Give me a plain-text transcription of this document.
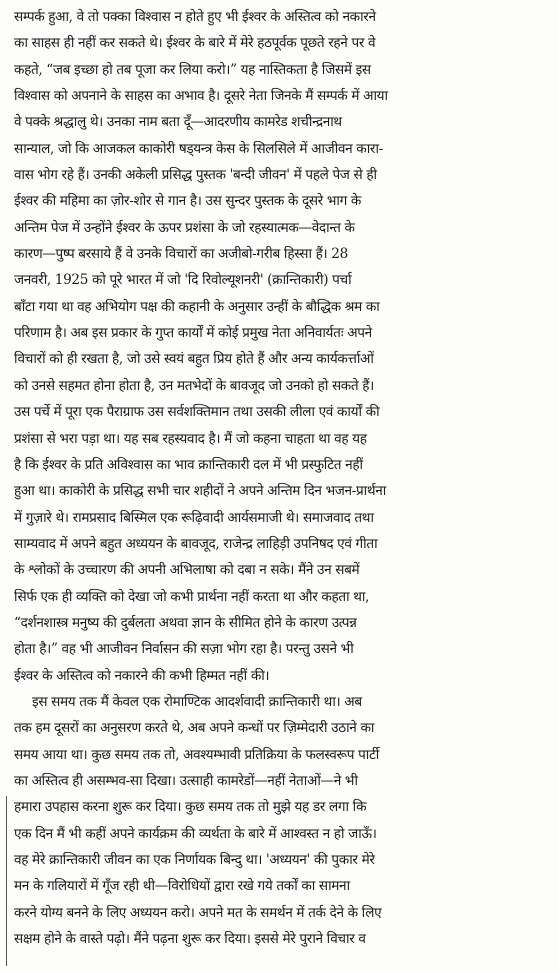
सम्पर्क हुआ, वे तो पक्का विश्वास न होते हुए भी ईश्वर के अस्तित्व को नकारने
का साहस ही नहीं कर सकते थे। ईश्वर के बारे में मेरे हठपूर्वक पूछते रहने पर वे
कहते, “जब इच्छा हो तब पूजा कर लिया करो।” यह नास्तिकता है जिसमें इस
विश्वास को अपनाने के साहस का अभाव है। दूसरे नेता जिनके मैं सम्पर्क में आया
वे पक्के श्रद्धालु थे। उनका नाम बता दूँ—आदरणीय कामरेड शचीन्द्रनाथ
सान्याल, जो कि आजकल काकोरी षड्‌यन्त्र केस के सिलसिले में आजीवन कारा-
वास भोग रहे हैं। उनकी अकेली प्रसिद्ध पुस्तक 'बन्दी जीवन' में पहले पेज से ही
ईश्वर की महिमा का ज़ोर-शोर से गान है। उस सुन्दर पुस्तक के दूसरे भाग के
अन्तिम पेज में उन्होंने ईश्वर के ऊपर प्रशंसा के जो रहस्यात्मक—वेदान्त के
कारण—पुष्प बरसाये हैं वे उनके विचारों का अजीबो-गरीब हिस्सा हैं। 28
जनवरी, 1925 को पूरे भारत में जो 'दि रिवोल्यूशनरी' (क्रान्तिकारी) पर्चा
बाँटा गया था वह अभियोग पक्ष की कहानी के अनुसार उन्हीं के बौद्धिक श्रम का
परिणाम है। अब इस प्रकार के गुप्त कार्यों में कोई प्रमुख नेता अनिवार्यतः अपने
विचारों को ही रखता है, जो उसे स्वयं बहुत प्रिय होते हैं और अन्य कार्यकर्त्ताओं
को उनसे सहमत होना होता है, उन मतभेदों के बावजूद जो उनको हो सकते हैं।
उस पर्चे में पूरा एक पैराग्राफ उस सर्वशक्तिमान तथा उसकी लीला एवं कार्यों की
प्रशंसा से भरा पड़ा था। यह सब रहस्यवाद है। मैं जो कहना चाहता था वह यह
है कि ईश्वर के प्रति अविश्वास का भाव क्रान्तिकारी दल में भी प्रस्फुटित नहीं
हुआ था। काकोरी के प्रसिद्ध सभी चार शहीदों ने अपने अन्तिम दिन भजन-प्रार्थना
में गुज़ारे थे। रामप्रसाद बिस्मिल एक रूढ़िवादी आर्यसमाजी थे। समाजवाद तथा
साम्यवाद में अपने बहुत अध्ययन के बावजूद, राजेन्द्र लाहिड़ी उपनिषद एवं गीता
के श्लोकों के उच्चारण की अपनी अभिलाषा को दबा न सके। मैंने उन सबमें
सिर्फ एक ही व्यक्ति को देखा जो कभी प्रार्थना नहीं करता था और कहता था,
“दर्शनशास्त्र मनुष्य की दुर्बलता अथवा ज्ञान के सीमित होने के कारण उत्पन्न
होता है।” वह भी आजीवन निर्वासन की सज़ा भोग रहा है। परन्तु उसने भी
ईश्वर के अस्तित्व को नकारने की कभी हिम्मत नहीं की।
इस समय तक मैं केवल एक रोमाण्टिक आदर्शवादी क्रान्तिकारी था। अब
तक हम दूसरों का अनुसरण करते थे, अब अपने कन्धों पर ज़िम्मेदारी उठाने का
समय आया था। कुछ समय तक तो, अवश्यम्भावी प्रतिक्रिया के फलस्वरूप पार्टी
का अस्तित्व ही असम्भव-सा दिखा। उत्साही कामरेडों—नहीं नेताओं—ने भी
हमारा उपहास करना शुरू कर दिया। कुछ समय तक तो मुझे यह डर लगा कि
एक दिन मैं भी कहीं अपने कार्यक्रम की व्यर्थता के बारे में आश्वस्त न हो जाऊँ।
वह मेरे क्रान्तिकारी जीवन का एक निर्णायक बिन्दु था। 'अध्ययन' की पुकार मेरे
मन के गलियारों में गूँज रही थी—विरोधियों द्वारा रखे गये तर्कों का सामना
करने योग्य बनने के लिए अध्ययन करो। अपने मत के समर्थन में तर्क देने के लिए
सक्षम होने के वास्ते पढ़ो। मैंने पढ़ना शुरू कर दिया। इससे मेरे पुराने विचार व
